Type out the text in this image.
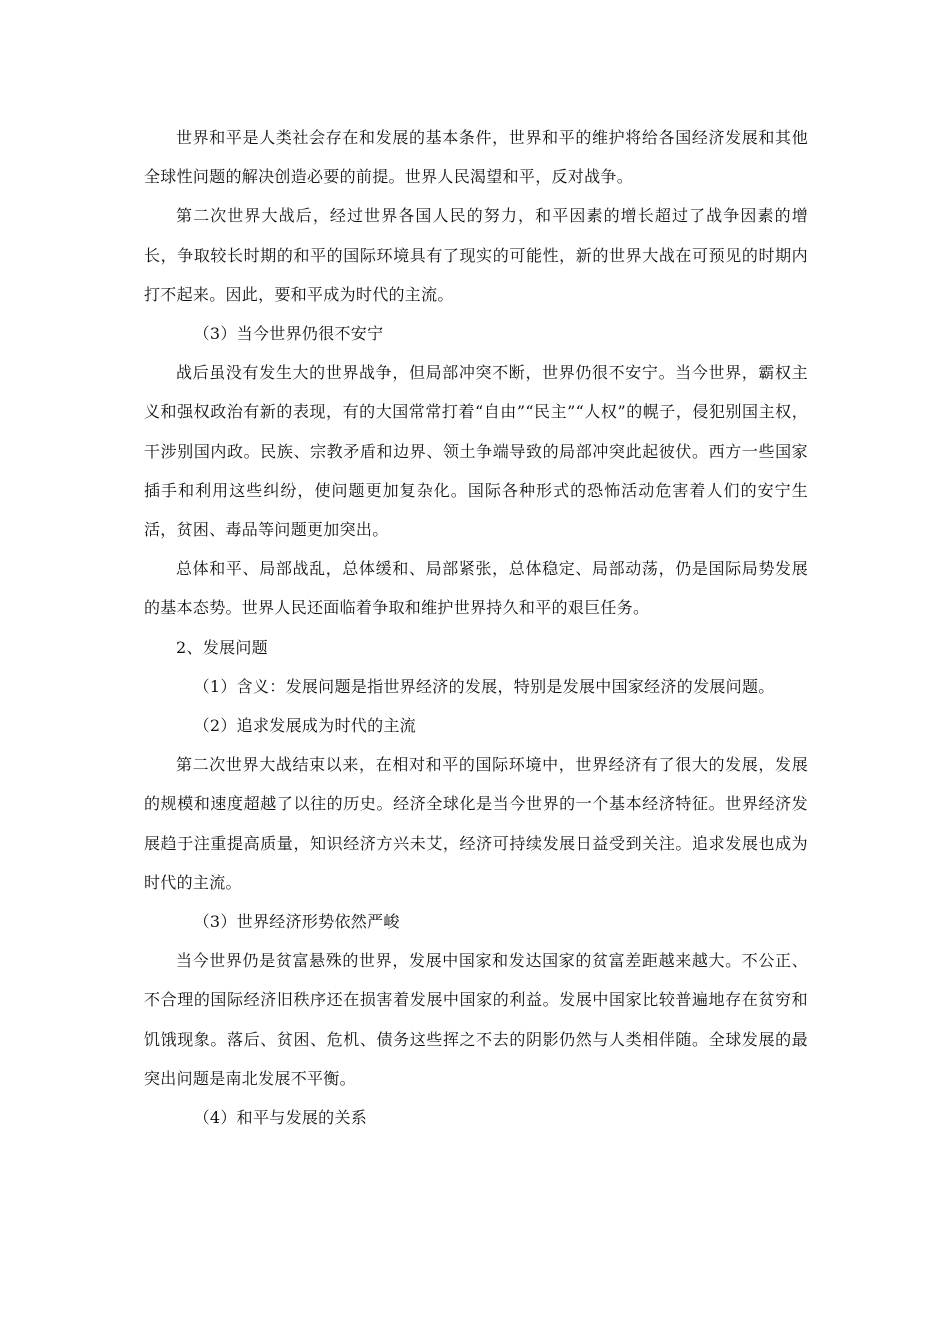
世界和平是人类社会存在和发展的基本条件，世界和平的维护将给各国经济发展和其他全球性问题的解决创造必要的前提。世界人民渴望和平，反对战争。

第二次世界大战后，经过世界各国人民的努力，和平因素的增长超过了战争因素的增长，争取较长时期的和平的国际环境具有了现实的可能性，新的世界大战在可预见的时期内打不起来。因此，要和平成为时代的主流。

（3）当今世界仍很不安宁

战后虽没有发生大的世界战争，但局部冲突不断，世界仍很不安宁。当今世界，霸权主义和强权政治有新的表现，有的大国常常打着“自由”“民主”“人权”的幌子，侵犯别国主权，干涉别国内政。民族、宗教矛盾和边界、领土争端导致的局部冲突此起彼伏。西方一些国家插手和利用这些纠纷，使问题更加复杂化。国际各种形式的恐怖活动危害着人们的安宁生活，贫困、毒品等问题更加突出。

总体和平、局部战乱，总体缓和、局部紧张，总体稳定、局部动荡，仍是国际局势发展的基本态势。世界人民还面临着争取和维护世界持久和平的艰巨任务。

2、发展问题

（1）含义：发展问题是指世界经济的发展，特别是发展中国家经济的发展问题。

（2）追求发展成为时代的主流

第二次世界大战结束以来，在相对和平的国际环境中，世界经济有了很大的发展，发展的规模和速度超越了以往的历史。经济全球化是当今世界的一个基本经济特征。世界经济发展趋于注重提高质量，知识经济方兴未艾，经济可持续发展日益受到关注。追求发展也成为时代的主流。

（3）世界经济形势依然严峻

当今世界仍是贫富悬殊的世界，发展中国家和发达国家的贫富差距越来越大。不公正、不合理的国际经济旧秩序还在损害着发展中国家的利益。发展中国家比较普遍地存在贫穷和饥饿现象。落后、贫困、危机、债务这些挥之不去的阴影仍然与人类相伴随。全球发展的最突出问题是南北发展不平衡。

（4）和平与发展的关系
